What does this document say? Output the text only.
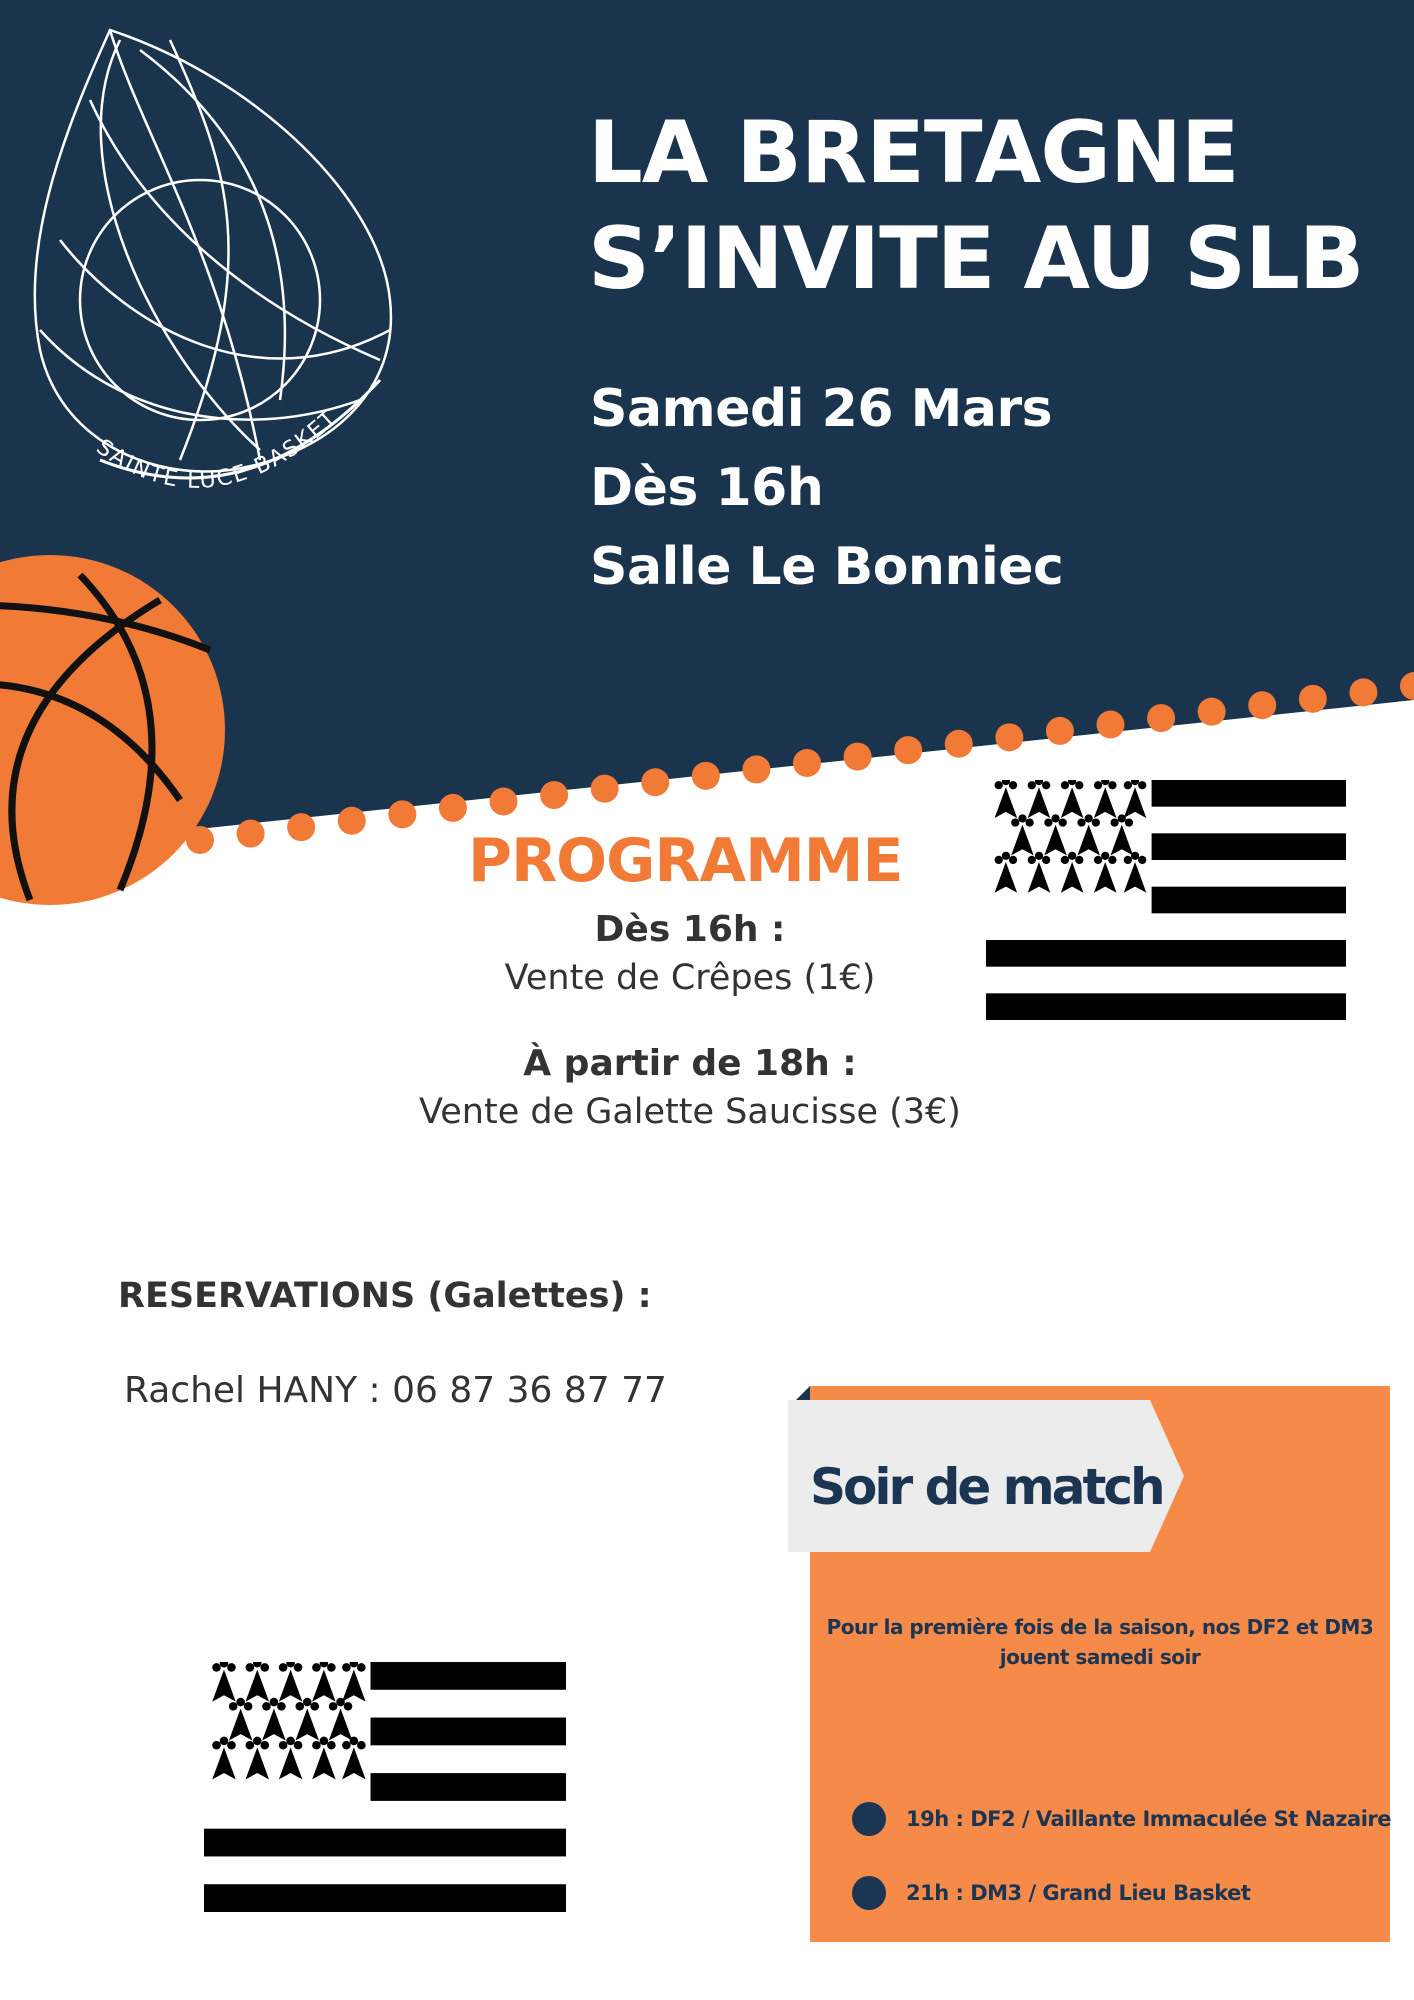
SAINTE LUCE BASKET
LA BRETAGNE
S’INVITE AU SLB
Samedi 26 Mars
Dès 16h
Salle Le Bonniec
PROGRAMME
Dès 16h :
Vente de Crêpes (1€)
À partir de 18h :
Vente de Galette Saucisse (3€)
RESERVATIONS (Galettes) :
Rachel HANY : 06 87 36 87 77
Soir de match
Pour la première fois de la saison, nos DF2 et DM3 jouent samedi soir
19h : DF2 / Vaillante Immaculée St Nazaire
21h : DM3 / Grand Lieu Basket
